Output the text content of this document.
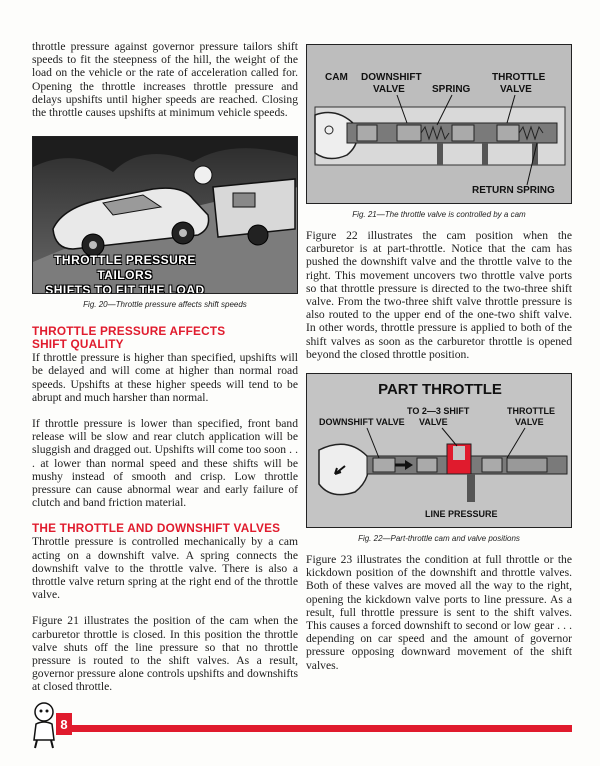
throttle pressure against governor pressure tailors shift speeds to fit the steepness of the hill, the weight of the load on the vehicle or the rate of acceleration called for. Opening the throttle increases throttle pressure and delays upshifts until higher speeds are reached. Closing the throttle causes upshifts at minimum vehicle speeds.

THROTTLE PRESSURE TAILORS
SHIFTS TO FIT THE LOAD
Fig. 20—Throttle pressure affects shift speeds
THROTTLE PRESSURE AFFECTS
SHIFT QUALITY

If throttle pressure is higher than specified, upshifts will be delayed and will come at higher than normal road speeds. Upshifts at these higher speeds will tend to be abrupt and much harsher than normal.

If throttle pressure is lower than specified, front band release will be slow and rear clutch application will be sluggish and dragged out. Upshifts will come too soon . . . at lower than normal speed and these shifts will be mushy instead of smooth and crisp. Low throttle pressure can cause abnormal wear and early failure of clutch and band friction material.

THE THROTTLE AND DOWNSHIFT VALVES

Throttle pressure is controlled mechanically by a cam acting on a downshift valve. A spring connects the downshift valve to the throttle valve. There is also a throttle valve return spring at the right end of the throttle valve.

Figure 21 illustrates the position of the cam when the carburetor throttle is closed. In this position the throttle valve shuts off the line pressure so that no throttle pressure is routed to the shift valves. As a result, governor pressure alone controls upshifts and downshifts at closed throttle.

CAM DOWNSHIFT
VALVE	SPRING
THROTTLE
VALVE
RETURN SPRING
Fig. 21—The throttle valve is controlled by a cam

Figure 22 illustrates the cam position when the carburetor is at part-throttle. Notice that the cam has pushed the downshift valve and the throttle valve to the right. This movement uncovers two throttle valve ports so that throttle pressure is directed to the two-three shift valve. From the two-three shift valve throttle pressure is also routed to the upper end of the one-two shift valve. In other words, throttle pressure is applied to both of the shift valves as soon as the carburetor throttle is opened beyond the closed throttle position.

PART THROTTLE
TO 2—3 SHIFT
VALVE
DOWNSHIFT VALVE
THROTTLE
VALVE
LINE PRESSURE
Fig. 22—Part-throttle cam and valve positions

Figure 23 illustrates the condition at full throttle or the kickdown position of the downshift and throttle valves. Both of these valves are moved all the way to the right, opening the kickdown valve ports to line pressure. As a result, full throttle pressure is sent to the shift valves. This causes a forced downshift to second or low gear . . . depending on car speed and the amount of governor pressure opposing downward movement of the shift valves.

8
